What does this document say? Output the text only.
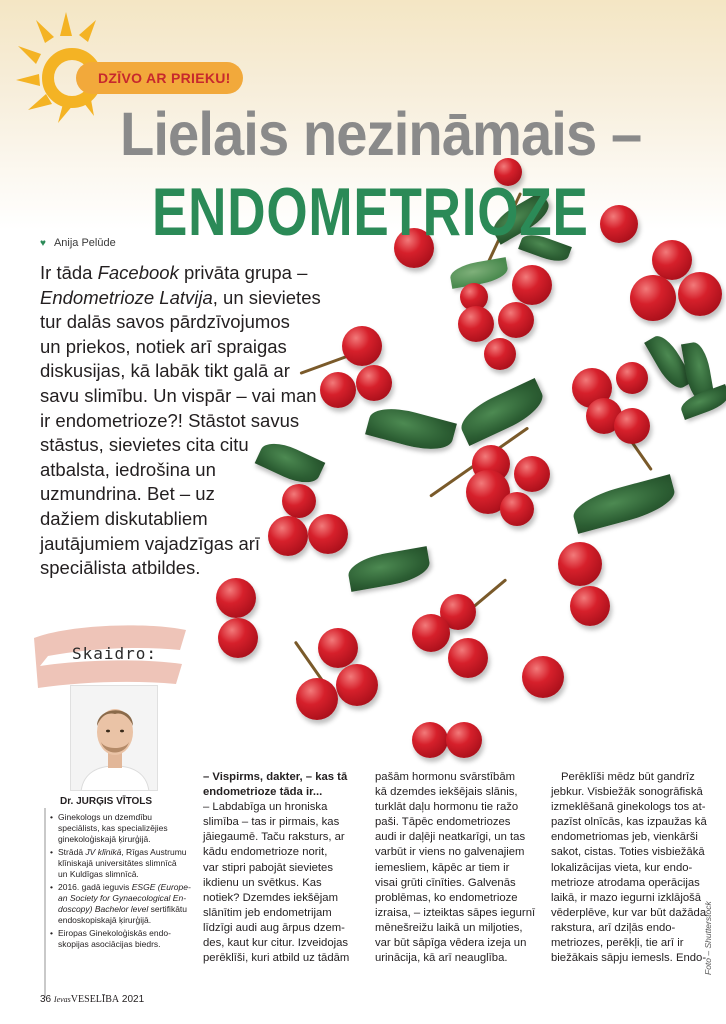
DZĪVO AR PRIEKU!
Lielais nezināmais –
ENDOMETRIOZE
♥ Anija Pelūde

Ir tāda Facebook privāta grupa –

Endometrioze Latvija, un sievietes

tur dalās savos pārdzīvojumos

un priekos, notiek arī spraigas

diskusijas, kā labāk tikt galā ar

savu slimību. Un vispār – vai man

ir endometrioze?! Stāstot savus

stāstus, sievietes cita citu

atbalsta, iedrošina un

uzmundrina. Bet – uz

dažiem diskutabliem

jautājumiem vajadzīgas arī

speciālista atbildes.

Skaidro:
Dr. JURĢIS VĪTOLS

• Ginekologs un dzemdību

speciālists, kas specializējies

ginekoloģiskajā ķirurģijā.

• Strādā JV klīnikā, Rīgas Austrumu

klīniskajā universitātes slimnīcā

un Kuldīgas slimnīcā.

• 2016. gadā ieguvis ESGE (Europe-

an Society for Gynaecological En-

doscopy) Bachelor level sertifikātu

endoskopiskajā ķirurģijā.

• Eiropas Ginekoloģiskās endo-

skopijas asociācijas biedrs.

– Vispirms, dakter, – kas tā

endometrioze tāda ir...

– Labdabīga un hroniska

slimība – tas ir pirmais, kas

jāiegaumē. Taču raksturs, ar

kādu endometrioze norit,

var stipri pabojāt sievietes

ikdienu un svētkus. Kas

notiek? Dzemdes iekšējam

slānītim jeb endometrijam

līdzīgi audi aug ārpus dzem-

des, kaut kur citur. Izveidojas

perēklīši, kuri atbild uz tādām

pašām hormonu svārstībām

kā dzemdes iekšējais slānis,

turklāt daļu hormonu tie ražo

paši. Tāpēc endometriozes

audi ir daļēji neatkarīgi, un tas

varbūt ir viens no galvenajiem

iemesliem, kāpēc ar tiem ir

visai grūti cīnīties. Galvenās

problēmas, ko endometrioze

izraisa, – izteiktas sāpes iegurnī

mēnešreižu laikā un miljoties,

var būt sāpīga vēdera izeja un

urinācija, kā arī neauglība.

Perēklīši mēdz būt gandrīz

jebkur. Visbiežāk sonogrāfiskā

izmeklēšanā ginekologs tos at-

pazīst olnīcās, kas izpaužas kā

endometriomas jeb, vienkārši

sakot, cistas. Toties visbiežākā

lokalizācijas vieta, kur endo-

metrioze atrodama operācijas

laikā, ir mazo iegurni izklājošā

vēderplēve, kur var būt dažāda

rakstura, arī dziļās endo-

metriozes, perēkļi, tie arī ir

biežākais sāpju iemesls. Endo-

Foto – Shutterstock
36 IevasVESELĪBA 2021
